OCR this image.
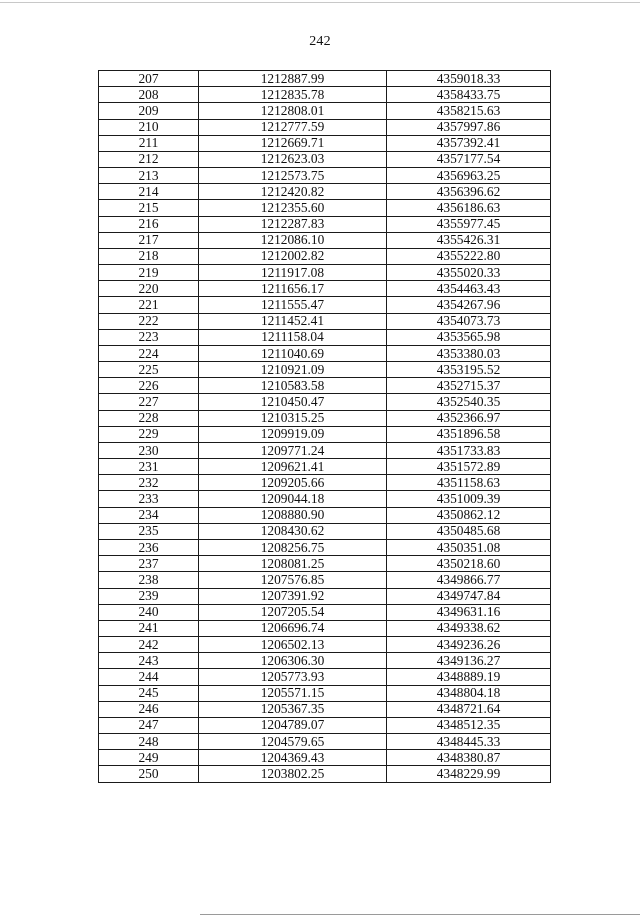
242
207	1212887.99	4359018.33
208	1212835.78	4358433.75
209	1212808.01	4358215.63
210	1212777.59	4357997.86
211	1212669.71	4357392.41
212	1212623.03	4357177.54
213	1212573.75	4356963.25
214	1212420.82	4356396.62
215	1212355.60	4356186.63
216	1212287.83	4355977.45
217	1212086.10	4355426.31
218	1212002.82	4355222.80
219	1211917.08	4355020.33
220	1211656.17	4354463.43
221	1211555.47	4354267.96
222	1211452.41	4354073.73
223	1211158.04	4353565.98
224	1211040.69	4353380.03
225	1210921.09	4353195.52
226	1210583.58	4352715.37
227	1210450.47	4352540.35
228	1210315.25	4352366.97
229	1209919.09	4351896.58
230	1209771.24	4351733.83
231	1209621.41	4351572.89
232	1209205.66	4351158.63
233	1209044.18	4351009.39
234	1208880.90	4350862.12
235	1208430.62	4350485.68
236	1208256.75	4350351.08
237	1208081.25	4350218.60
238	1207576.85	4349866.77
239	1207391.92	4349747.84
240	1207205.54	4349631.16
241	1206696.74	4349338.62
242	1206502.13	4349236.26
243	1206306.30	4349136.27
244	1205773.93	4348889.19
245	1205571.15	4348804.18
246	1205367.35	4348721.64
247	1204789.07	4348512.35
248	1204579.65	4348445.33
249	1204369.43	4348380.87
250	1203802.25	4348229.99
